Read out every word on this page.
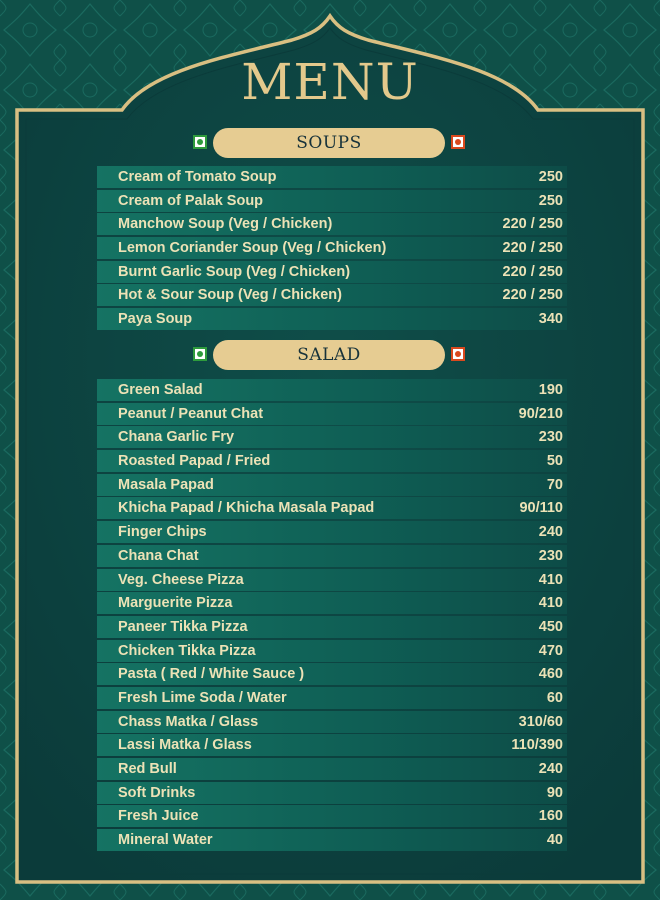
MENU
SOUPS
Cream of Tomato Soup	250
Cream of Palak Soup	250
Manchow Soup (Veg / Chicken)	220 / 250
Lemon Coriander Soup (Veg / Chicken)	220 / 250
Burnt Garlic Soup (Veg / Chicken)	220 / 250
Hot & Sour Soup (Veg / Chicken)	220 / 250
Paya Soup	340
SALAD
Green Salad	190
Peanut / Peanut Chat	90/210
Chana Garlic Fry	230
Roasted Papad / Fried	50
Masala Papad	70
Khicha Papad / Khicha Masala Papad	90/110
Finger Chips	240
Chana Chat	230
Veg. Cheese Pizza	410
Marguerite Pizza	410
Paneer Tikka Pizza	450
Chicken Tikka Pizza	470
Pasta ( Red / White Sauce )	460
Fresh Lime Soda / Water	60
Chass Matka / Glass	310/60
Lassi Matka / Glass	110/390
Red Bull	240
Soft Drinks	90
Fresh Juice	160
Mineral Water	40
